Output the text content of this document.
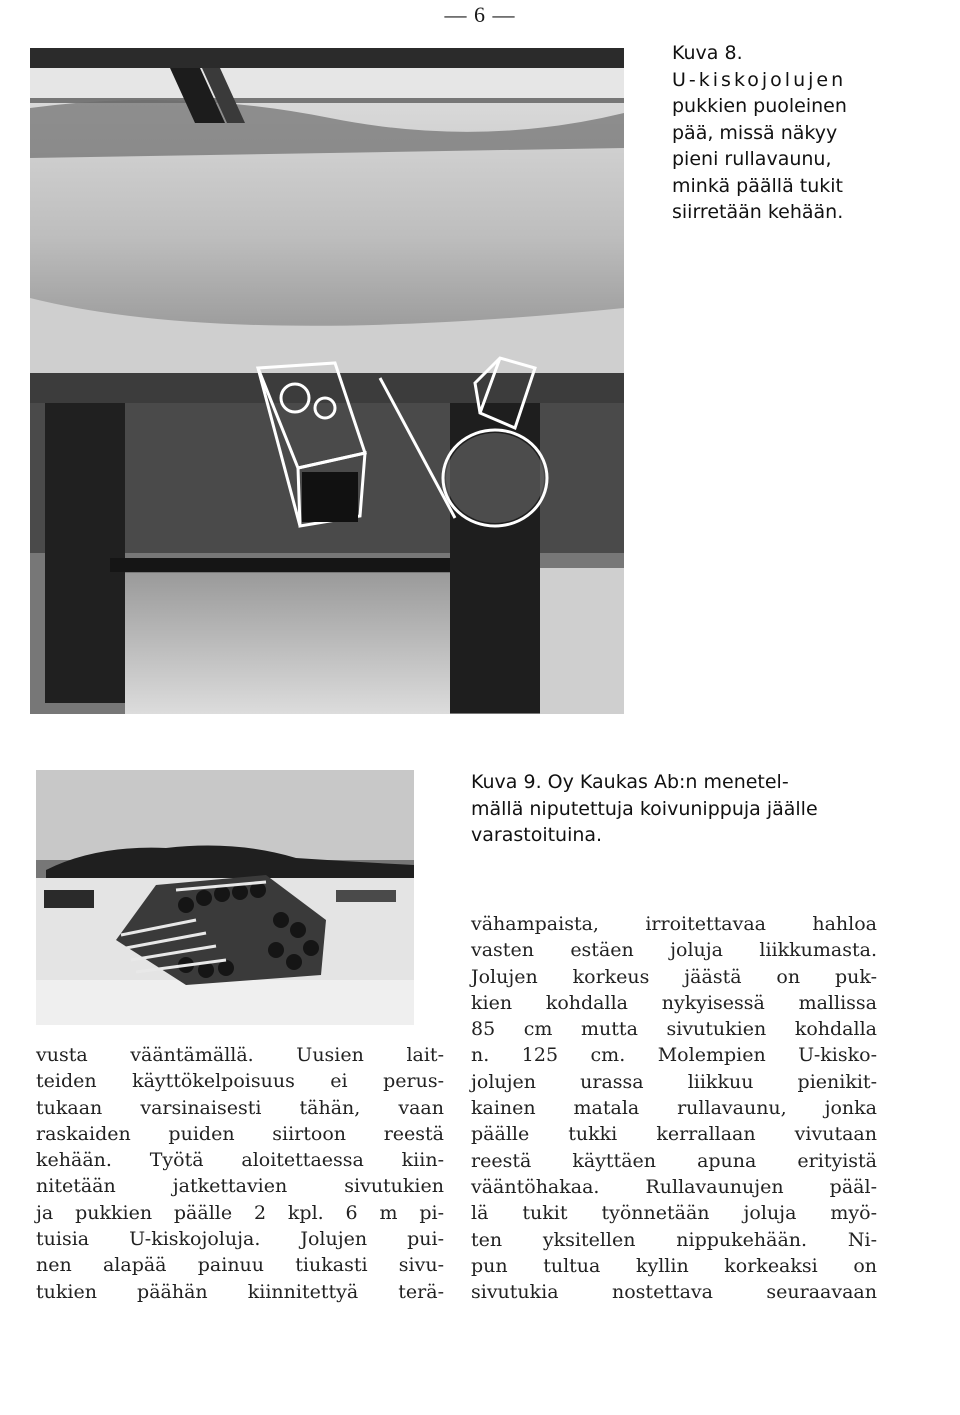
— 6 —
Kuva 8.
U-kiskojolujen
pukkien puoleinen
pää, missä näkyy
pieni rullavaunu,
minkä päällä tukit
siirretään kehään.
Kuva 9. Oy Kaukas Ab:n menetel-
mällä niputettuja koivunippuja jäälle
varastoituina.
vusta vääntämällä. Uusien lait-
teiden käyttökelpoisuus ei perus-
tukaan varsinaisesti tähän, vaan
raskaiden puiden siirtoon reestä
kehään. Työtä aloitettaessa kiin-
nitetään jatkettavien sivutukien
ja pukkien päälle 2 kpl. 6 m pi-
tuisia U-kiskojoluja. Jolujen pui-
nen alapää painuu tiukasti sivu-
tukien päähän kiinnitettyä terä-
vähampaista, irroitettavaa hahloa
vasten estäen joluja liikkumasta.
Jolujen korkeus jäästä on puk-
kien kohdalla nykyisessä mallissa
85 cm mutta sivutukien kohdalla
n. 125 cm. Molempien U-kisko-
jolujen urassa liikkuu pienikit-
kainen matala rullavaunu, jonka
päälle tukki kerrallaan vivutaan
reestä käyttäen apuna erityistä
vääntöhakaa. Rullavaunujen pääl-
lä tukit työnnetään joluja myö-
ten yksitellen nippukehään. Ni-
pun tultua kyllin korkeaksi on
sivutukia nostettava seuraavaan
